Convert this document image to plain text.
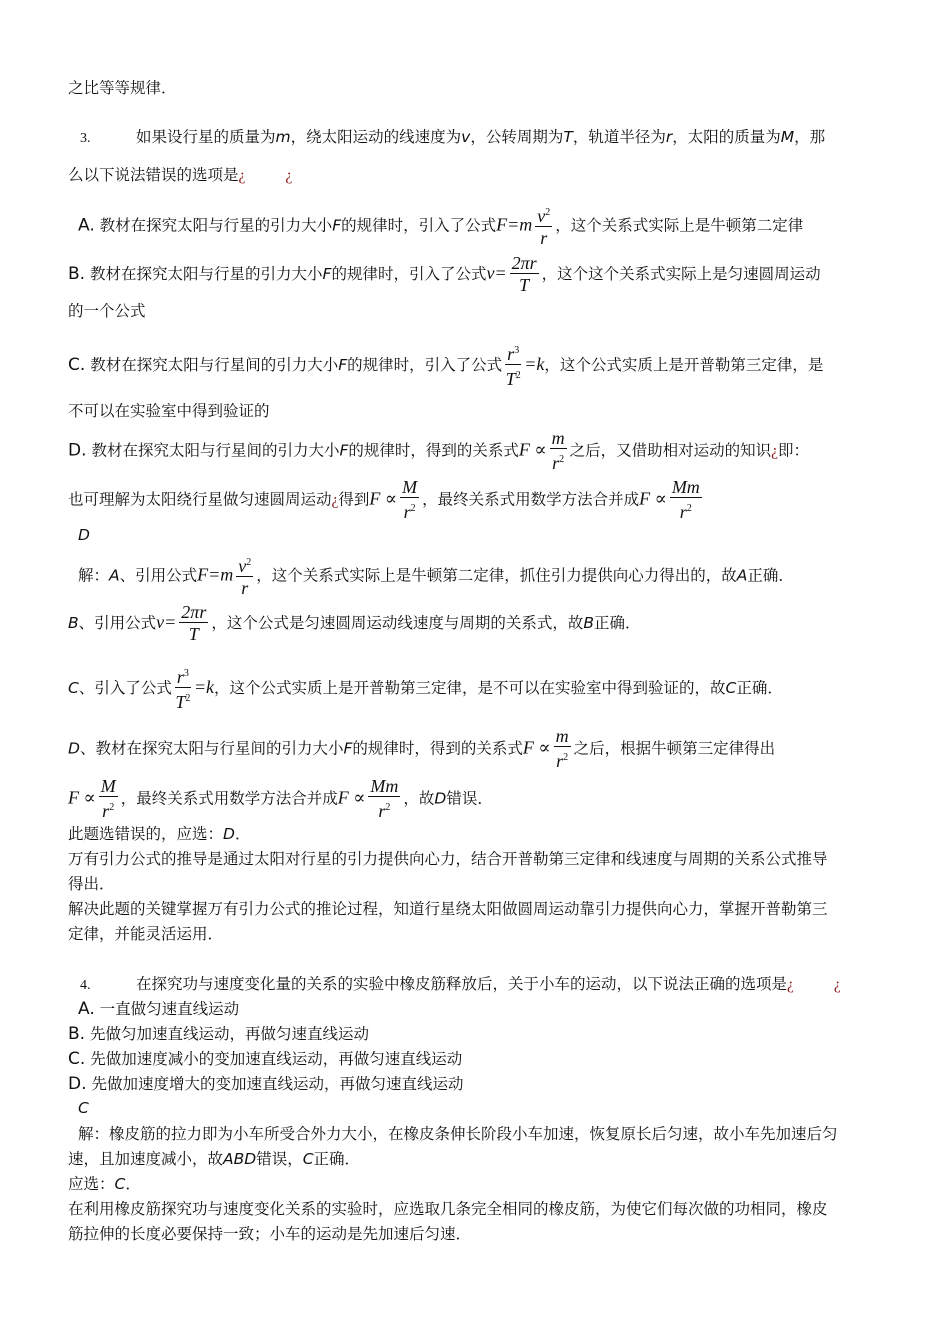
之比等等规律．
3.	如果设行星的质量为m，绕太阳运动的线速度为v，公转周期为T，轨道半径为r，太阳的质量为M，那
么以下说法错误的选项是¿	¿
A. 教材在探究太阳与行星的引力大小F的规律时，引入了公式$F=m \frac{v^2}{r}$ ，这个关系式实际上是牛顿第二定律
B. 教材在探究太阳与行星的引力大小F的规律时，引入了公式$v= \frac{2\pi r}{T}$ ，这个这个关系式实际上是匀速圆周运动
的一个公式
C. 教材在探究太阳与行星间的引力大小F的规律时，引入了公式 $\frac{r^3}{T^2} =k$，这个公式实质上是开普勒第三定律，是
不可以在实验室中得到验证的
D. 教材在探究太阳与行星间的引力大小F的规律时，得到的关系式$F \propto \frac{m}{r^2}$ 之后，又借助相对运动的知识¿即：
也可理解为太阳绕行星做匀速圆周运动¿得到$F \propto \frac{M}{r^2}$ ，最终关系式用数学方法合并成$F \propto \frac{Mm}{r^2}$
D
解：A、引用公式$F=m \frac{v^2}{r}$ ，这个关系式实际上是牛顿第二定律，抓住引力提供向心力得出的，故A正确．
B、引用公式$v= \frac{2\pi r}{T}$ ，这个公式是匀速圆周运动线速度与周期的关系式，故B正确．
C、引入了公式 $\frac{r^3}{T^2} =k$，这个公式实质上是开普勒第三定律，是不可以在实验室中得到验证的，故C正确．
D、教材在探究太阳与行星间的引力大小F的规律时，得到的关系式$F \propto \frac{m}{r^2}$ 之后，根据牛顿第三定律得出
$F \propto \frac{M}{r^2}$ ，最终关系式用数学方法合并成$F \propto \frac{Mm}{r^2}$ ，故D错误．
此题选错误的，应选：D．
万有引力公式的推导是通过太阳对行星的引力提供向心力，结合开普勒第三定律和线速度与周期的关系公式推导
得出．
解决此题的关键掌握万有引力公式的推论过程，知道行星绕太阳做圆周运动靠引力提供向心力，掌握开普勒第三
定律，并能灵活运用．
4.	在探究功与速度变化量的关系的实验中橡皮筋释放后，关于小车的运动，以下说法正确的选项是¿	¿
A. 一直做匀速直线运动
B. 先做匀加速直线运动，再做匀速直线运动
C. 先做加速度减小的变加速直线运动，再做匀速直线运动
D. 先做加速度增大的变加速直线运动，再做匀速直线运动
C
解：橡皮筋的拉力即为小车所受合外力大小，在橡皮条伸长阶段小车加速，恢复原长后匀速，故小车先加速后匀
速，且加速度减小，故ABD错误，C正确．
应选：C．
在利用橡皮筋探究功与速度变化关系的实验时，应选取几条完全相同的橡皮筋，为使它们每次做的功相同，橡皮
筋拉伸的长度必要保持一致；小车的运动是先加速后匀速．
